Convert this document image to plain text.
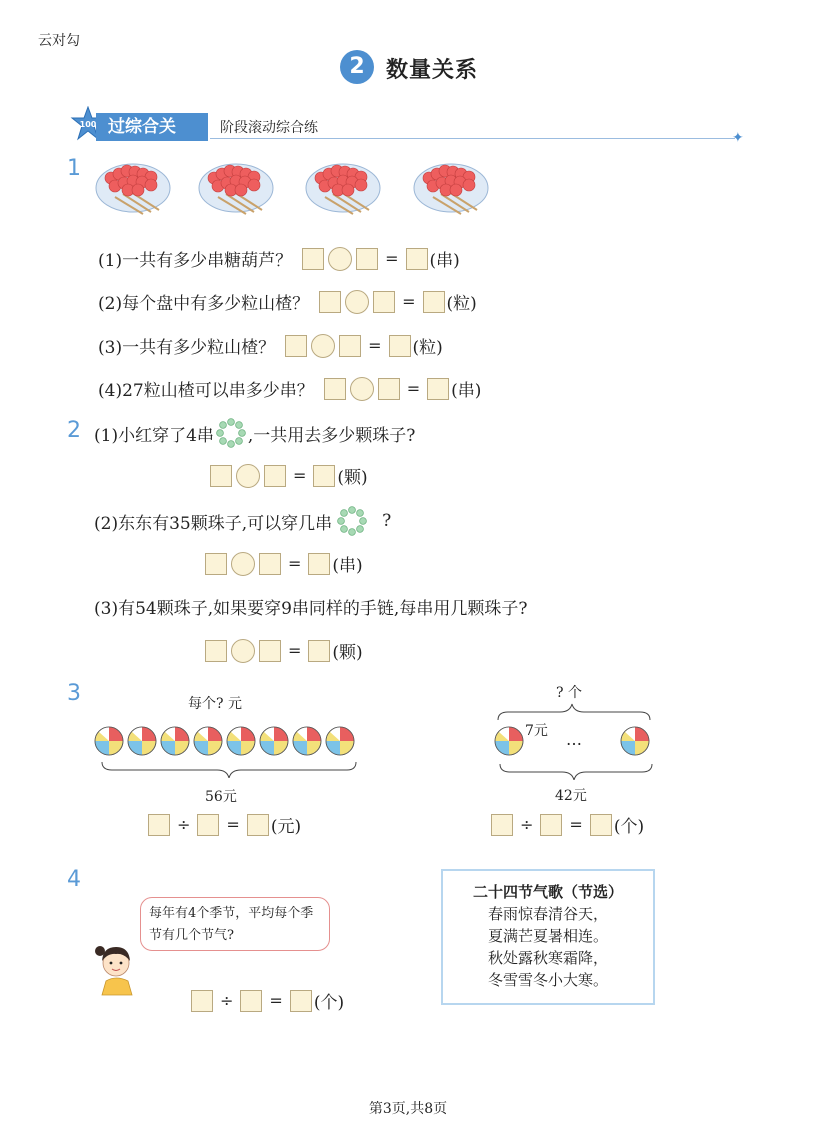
云对勾
2 数量关系
100 过综合关	阶段滚动综合练
✦
1
(1)一共有多少串糖葫芦？	= (串)
(2)每个盘中有多少粒山楂？	= (粒)
(3)一共有多少粒山楂？	= (粒)
(4)27粒山楂可以串多少串？	= (串)
2 (1)小红穿了4串 ,一共用去多少颗珠子?
= (颗)
(2)东东有35颗珠子,可以穿几串	?
= (串)
(3)有54颗珠子,如果要穿9串同样的手链,每串用几颗珠子?
= (颗)
3	每个? 元
56元
÷ = (元)
? 个
7元 …
42元
÷ = (个)
4
每年有4个季节，平均每个季节有几个节气?
÷ = (个)
二十四节气歌（节选）
春雨惊春清谷天，
夏满芒夏暑相连。
秋处露秋寒霜降，
冬雪雪冬小大寒。
第3页,共8页
